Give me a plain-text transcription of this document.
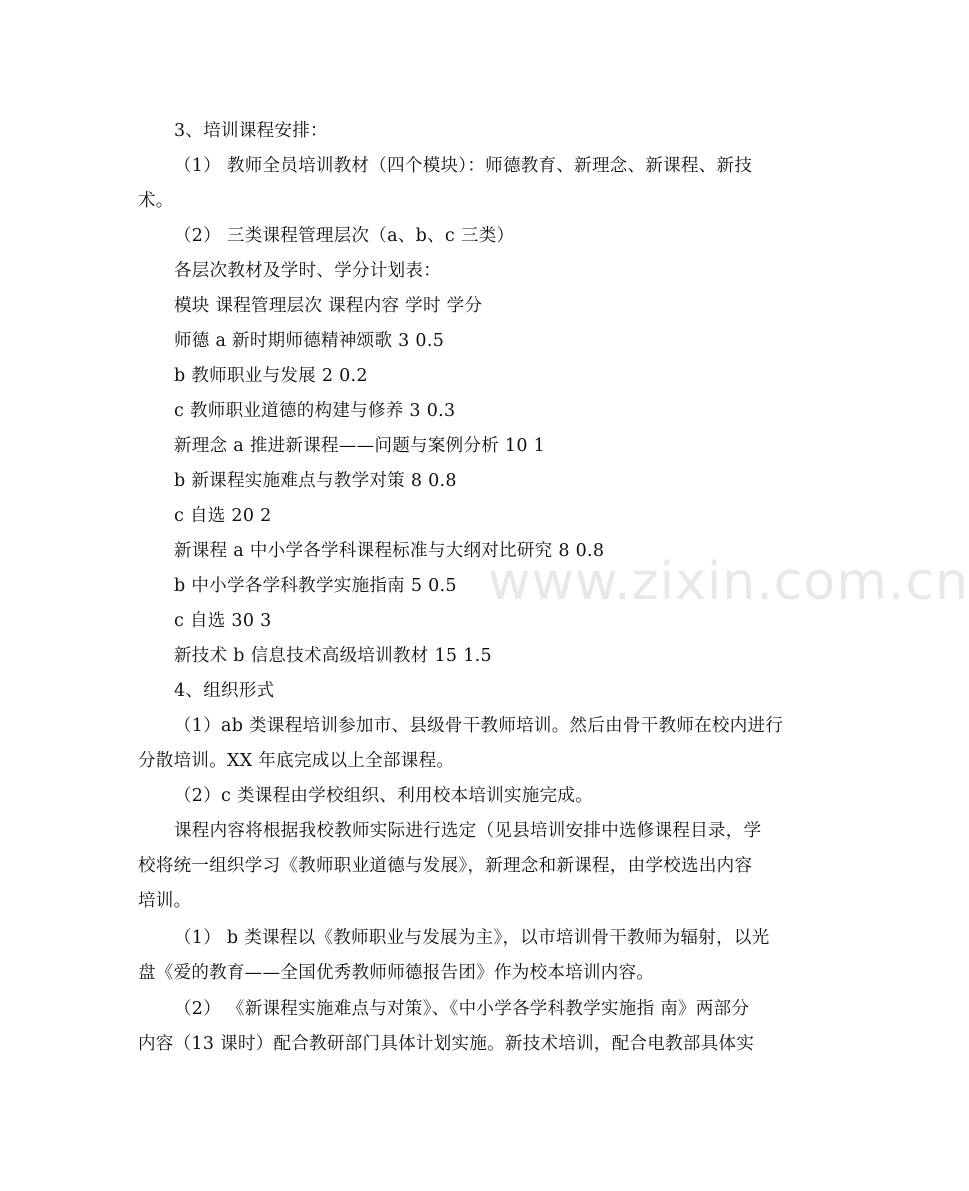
3、培训课程安排：
（1） 教师全员培训教材（四个模块）：师德教育、新理念、新课程、新技
术。
（2） 三类课程管理层次（a、b、c 三类）
各层次教材及学时、学分计划表：
模块 课程管理层次 课程内容 学时 学分
师德 a 新时期师德精神颂歌 3 0.5
b 教师职业与发展 2 0.2
c 教师职业道德的构建与修养 3 0.3
新理念 a 推进新课程——问题与案例分析 10 1
b 新课程实施难点与教学对策 8 0.8
c 自选 20 2
新课程 a 中小学各学科课程标准与大纲对比研究 8 0.8
b 中小学各学科教学实施指南 5 0.5
c 自选 30 3
新技术 b 信息技术高级培训教材 15 1.5
4、组织形式
（1）ab 类课程培训参加市、县级骨干教师培训。然后由骨干教师在校内进行
分散培训。XX 年底完成以上全部课程。
（2）c 类课程由学校组织、利用校本培训实施完成。
课程内容将根据我校教师实际进行选定（见县培训安排中选修课程目录，学
校将统一组织学习《教师职业道德与发展》，新理念和新课程，由学校选出内容
培训。
（1） b 类课程以《教师职业与发展为主》，以市培训骨干教师为辐射，以光
盘《爱的教育——全国优秀教师师德报告团》作为校本培训内容。
（2） 《新课程实施难点与对策》、《中小学各学科教学实施指 南》两部分
内容（13 课时）配合教研部门具体计划实施。新技术培训，配合电教部具体实
www.zixin.com.cn
